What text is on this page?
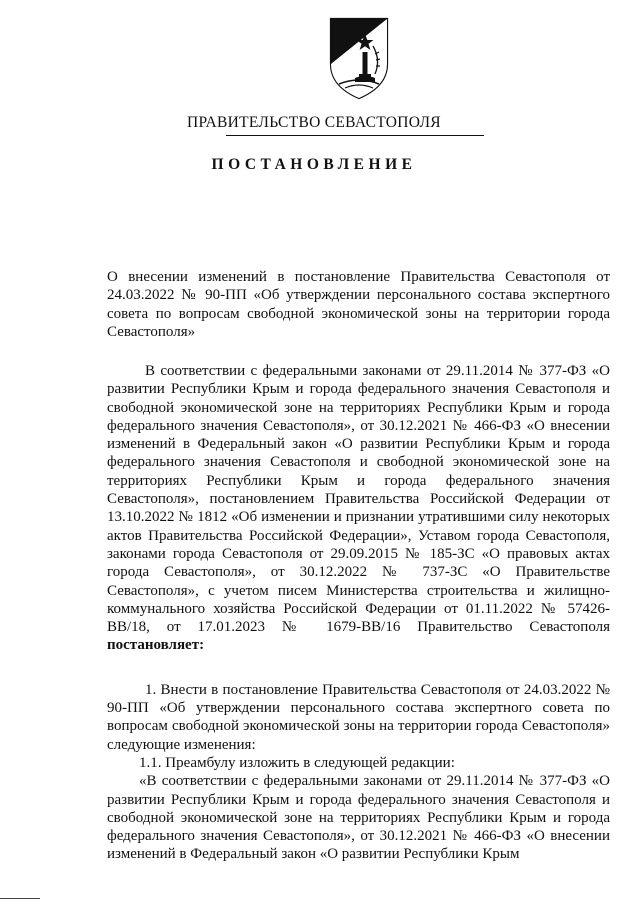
ПРАВИТЕЛЬСТВО СЕВАСТОПОЛЯ
ПОСТАНОВЛЕНИЕ
О внесении изменений в постановление Правительства Севастополя от 24.03.2022 № 90-ПП «Об утверждении персонального состава экспертного совета по вопросам свободной экономической зоны на территории города Севастополя»

В соответствии с федеральными законами от 29.11.2014 № 377-ФЗ «О развитии Республики Крым и города федерального значения Севастополя и свободной экономической зоне на территориях Республики Крым и города федерального значения Севастополя», от 30.12.2021 № 466-ФЗ «О внесении изменений в Федеральный закон «О развитии Республики Крым и города федерального значения Севастополя и свободной экономической зоне на территориях Республики Крым и города федерального значения Севастополя», постановлением Правительства Российской Федерации от 13.10.2022 № 1812 «Об изменении и признании утратившими силу некоторых актов Правительства Российской Федерации», Уставом города Севастополя, законами города Севастополя от 29.09.2015 № 185-ЗС «О правовых актах города Севастополя», от 30.12.2022 № 737-ЗС «О Правительстве Севастополя», с учетом писем Министерства строительства и жилищно-коммунального хозяйства Российской Федерации от 01.11.2022 № 57426-ВВ/18, от 17.01.2023 № 1679-ВВ/16 Правительство Севастополя постановляет:

1. Внести в постановление Правительства Севастополя от 24.03.2022 № 90-ПП «Об утверждении персонального состава экспертного совета по вопросам свободной экономической зоны на территории города Севастополя» следующие изменения:

1.1. Преамбулу изложить в следующей редакции:

«В соответствии с федеральными законами от 29.11.2014 № 377-ФЗ «О развитии Республики Крым и города федерального значения Севастополя и свободной экономической зоне на территориях Республики Крым и города федерального значения Севастополя», от 30.12.2021 № 466-ФЗ «О внесении изменений в Федеральный закон «О развитии Республики Крым
